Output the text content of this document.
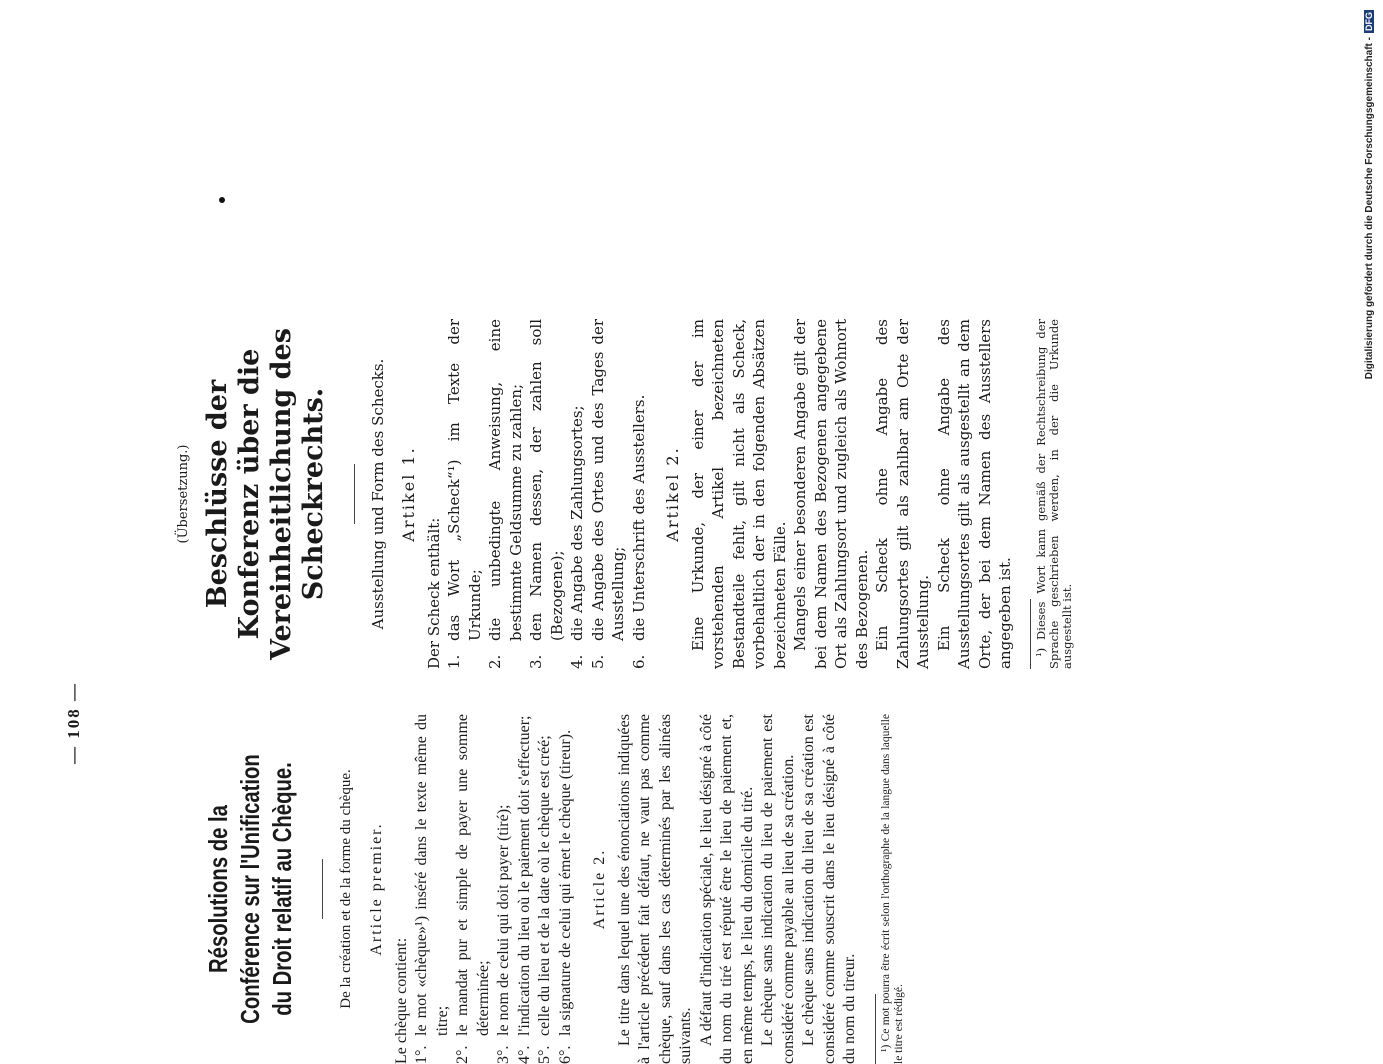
— 108 —
Résolutions de la Conférence sur l'Unification du Droit relatif au Chèque.	De la création et de la forme du chèque. Article premier.

Le chèque contient: 1°.
le mot «chèque»¹) inséré dans le texte même du titre;
2°.
le mandat pur et simple de payer une somme déterminée;
3°.
le nom de celui qui doit payer (tiré);
4°.
l'indication du lieu où le paiement doit s'effectuer;
5°.
celle du lieu et de la date où le chèque est créé;
6°.
la signature de celui qui émet le chèque (tireur). Article 2. Le titre dans lequel une des énonciations indiquées à l'article précédent fait défaut, ne vaut pas comme chèque, sauf dans les cas déterminés par les alinéas suivants. A défaut d'indication spéciale, le lieu désigné à côté du nom du tiré est réputé être le lieu de paiement et, en même temps, le lieu du domicile du tiré. Le chèque sans indication du lieu de paiement est considéré comme payable au lieu de sa création. Le chèque sans indication du lieu de sa création est considéré comme souscrit dans le lieu désigné à côté du nom du tireur. ¹) Ce mot pourra être écrit selon l'orthographe de la langue dans laquelle le titre est rédigé.

(Übersetzung.) Beschlüsse der Konferenz über die Vereinheitlichung des Scheckrechts.	Ausstellung und Form des Schecks. Artikel 1.

Der Scheck enthält: 1.
das Wort „Scheck“¹) im Texte der Urkunde;
2.
die unbedingte Anweisung, eine bestimmte Geldsumme zu zahlen;
3.
den Namen dessen, der zahlen soll (Bezogene);
4.
die Angabe des Zahlungsortes;
5.
die Angabe des Ortes und des Tages der Ausstellung;
6.
die Unterschrift des Ausstellers. Artikel 2. Eine Urkunde, der einer der im vorstehenden Artikel bezeichneten Bestandteile fehlt, gilt nicht als Scheck, vorbehaltlich der in den folgenden Absätzen bezeichneten Fälle. Mangels einer besonderen Angabe gilt der bei dem Namen des Bezogenen angegebene Ort als Zahlungsort und zugleich als Wohnort des Bezogenen. Ein Scheck ohne Angabe des Zahlungsortes gilt als zahlbar am Orte der Ausstellung. Ein Scheck ohne Angabe des Ausstellungsortes gilt als ausgestellt an dem Orte, der bei dem Namen des Ausstellers angegeben ist. ¹) Dieses Wort kann gemäß der Rechtschreibung der Sprache geschrieben werden, in der die Urkunde ausgestellt ist.

Digitalisierung gefördert durch die Deutsche Forschungsgemeinschaft -
DFG
